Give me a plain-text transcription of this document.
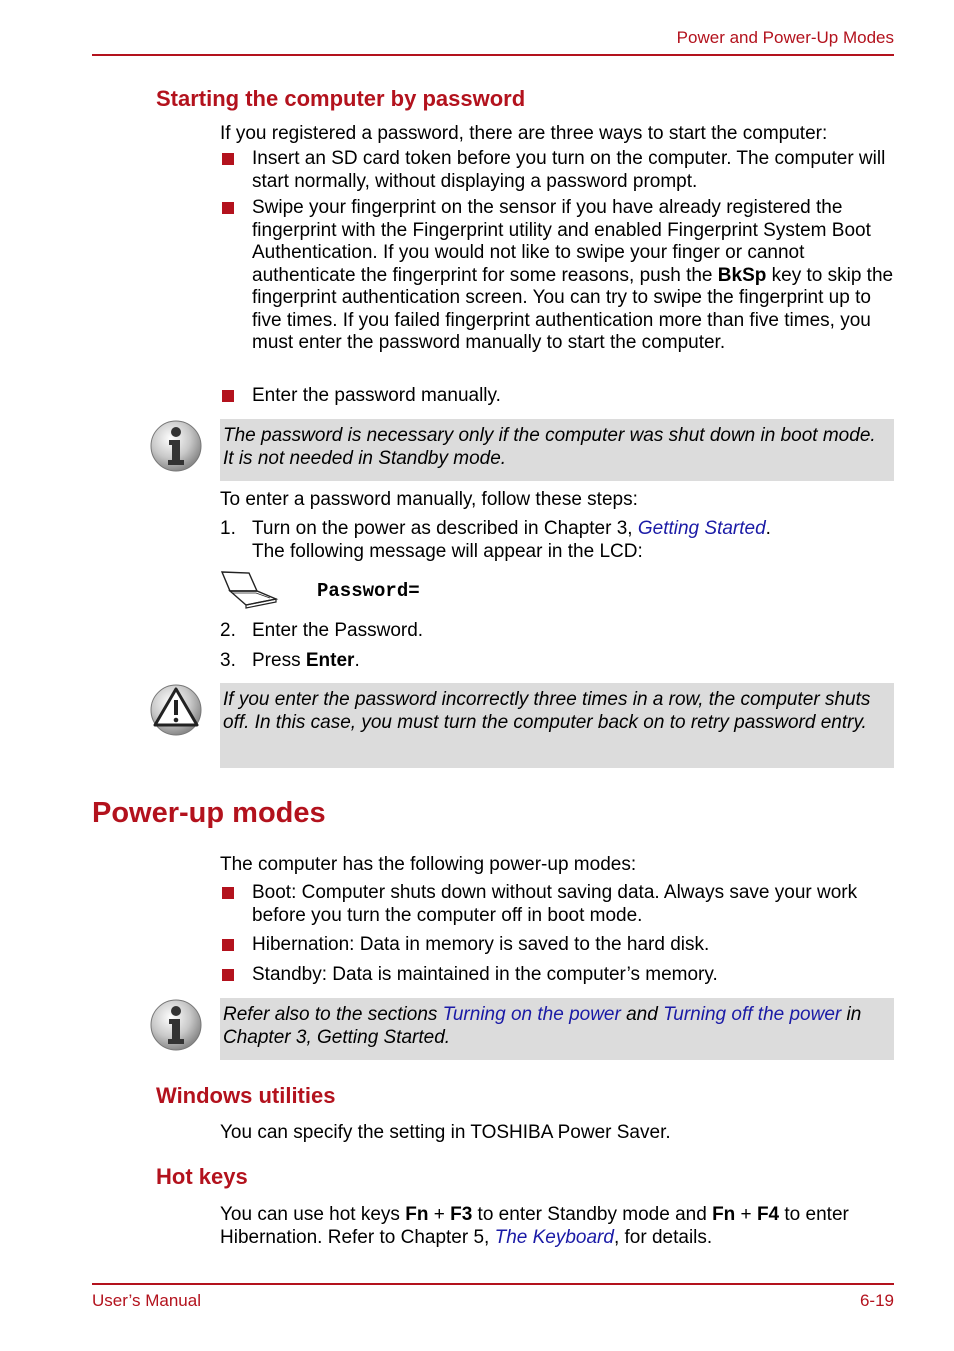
Power and Power-Up Modes
Starting the computer by password
If you registered a password, there are three ways to start the computer:
Insert an SD card token before you turn on the computer. The computer will start normally, without displaying a password prompt.
Swipe your fingerprint on the sensor if you have already registered the fingerprint with the Fingerprint utility and enabled Fingerprint System Boot Authentication. If you would not like to swipe your finger or cannot authenticate the fingerprint for some reasons, push the BkSp key to skip the fingerprint authentication screen. You can try to swipe the fingerprint up to five times. If you failed fingerprint authentication more than five times, you must enter the password manually to start the computer.
Enter the password manually.
The password is necessary only if the computer was shut down in boot mode. It is not needed in Standby mode.
To enter a password manually, follow these steps:
1. Turn on the power as described in Chapter 3, Getting Started.
The following message will appear in the LCD:
Password=
2. Enter the Password.
3. Press Enter.
If you enter the password incorrectly three times in a row, the computer shuts off. In this case, you must turn the computer back on to retry password entry.
Power-up modes
The computer has the following power-up modes:
Boot: Computer shuts down without saving data. Always save your work before you turn the computer off in boot mode.
Hibernation: Data in memory is saved to the hard disk.
Standby: Data is maintained in the computer’s memory.
Refer also to the sections Turning on the power and Turning off the power in Chapter 3, Getting Started.
Windows utilities
You can specify the setting in TOSHIBA Power Saver.
Hot keys
You can use hot keys Fn + F3 to enter Standby mode and Fn + F4 to enter Hibernation. Refer to Chapter 5, The Keyboard, for details.
User’s Manual	6-19
